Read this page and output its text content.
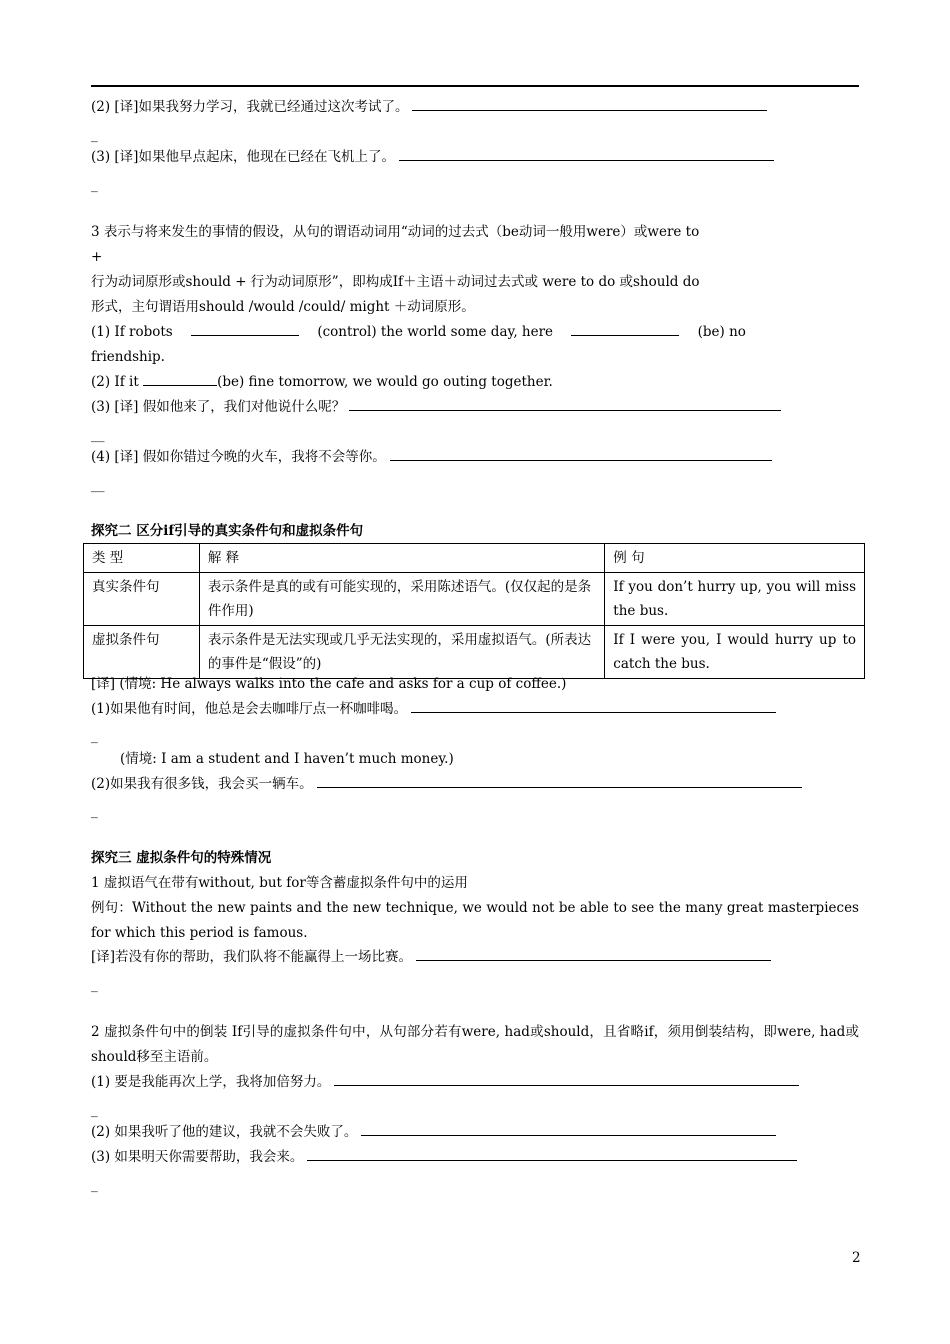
(2) [译]如果我努力学习，我就已经通过这次考试了。
_
(3) [译]如果他早点起床，他现在已经在飞机上了。
_
3 表示与将来发生的事情的假设，从句的谓语动词用“动词的过去式（be动词一般用were）或were to
+
行为动词原形或should + 行为动词原形”，即构成If＋主语＋动词过去式或 were to do 或should do
形式，主句谓语用should /would /could/ might ＋动词原形。
(1) If robots	(control) the world some day, here	(be) no
friendship.
(2) If it	(be) fine tomorrow, we would go outing together.
(3) [译] 假如他来了，我们对他说什么呢？
__
(4) [译] 假如你错过今晚的火车，我将不会等你。
__
探究二 区分if引导的真实条件句和虚拟条件句
类 型	解 释	例 句
真实条件句	表示条件是真的或有可能实现的，采用陈述语气。(仅仅起的是条件作用)	If you don’t hurry up, you will miss the bus.
虚拟条件句	表示条件是无法实现或几乎无法实现的，采用虚拟语气。(所表达的事件是“假设”的)	If I were you, I would hurry up to catch the bus.
[译] (情境: He always walks into the cafe and asks for a cup of coffee.)
(1)如果他有时间，他总是会去咖啡厅点一杯咖啡喝。
_
(情境: I am a student and I haven’t much money.)
(2)如果我有很多钱，我会买一辆车。
_
探究三 虚拟条件句的特殊情况
1 虚拟语气在带有without, but for等含蓄虚拟条件句中的运用
例句：Without the new paints and the new technique, we would not be able to see the many great masterpieces for which this period is famous.
[译]若没有你的帮助，我们队将不能赢得上一场比赛。
_
2 虚拟条件句中的倒装 If引导的虚拟条件句中，从句部分若有were, had或should，且省略if，须用倒装结构，即were, had或should移至主语前。
(1) 要是我能再次上学，我将加倍努力。
_
(2) 如果我听了他的建议，我就不会失败了。
(3) 如果明天你需要帮助，我会来。
_
2
